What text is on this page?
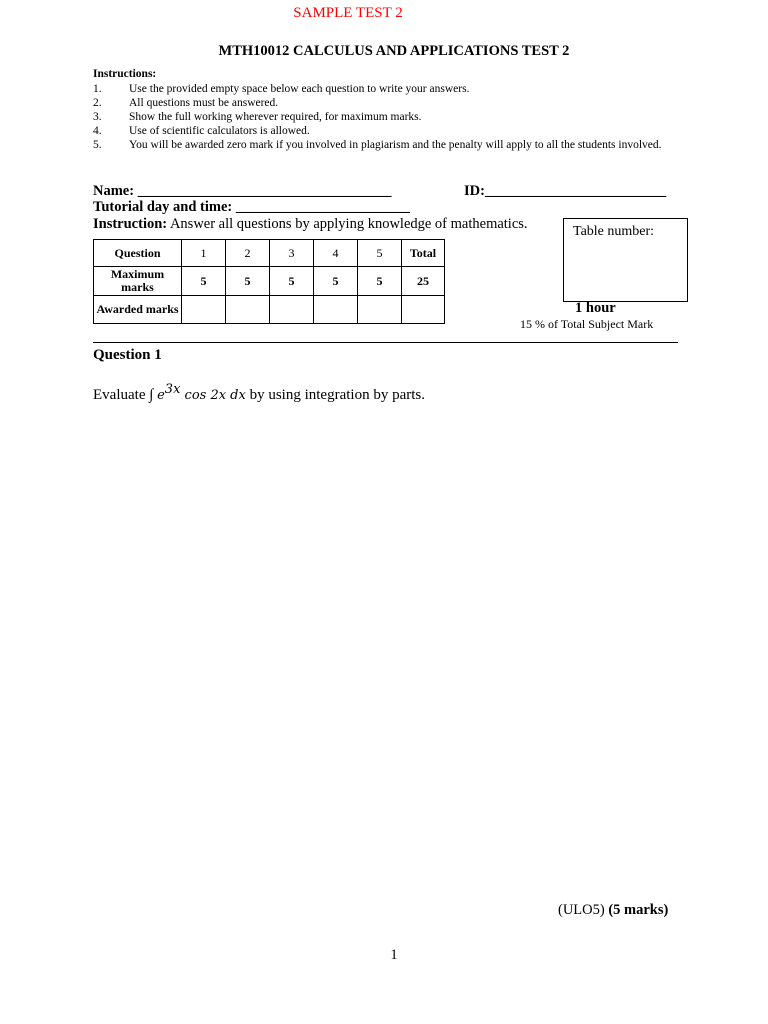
SAMPLE TEST 2
MTH10012 CALCULUS AND APPLICATIONS TEST 2
Instructions:
1.	Use the provided empty space below each question to write your answers.
2.	All questions must be answered.
3.	Show the full working wherever required, for maximum marks.
4.	Use of scientific calculators is allowed.
5.	You will be awarded zero mark if you involved in plagiarism and the penalty will apply to all the students involved.
Name: ___________________________________	ID:_________________________
Tutorial day and time: ________________________
Instruction: Answer all questions by applying knowledge of mathematics.
Question	1	2	3	4	5	Total
Maximum marks	5	5	5	5	5	25
Awarded marks						
Table number:
1 hour
15 % of Total Subject Mark
Question 1
Evaluate ∫ $e^{3x}$ cos 2x dx by using integration by parts.
(ULO5) (5 marks)
1
